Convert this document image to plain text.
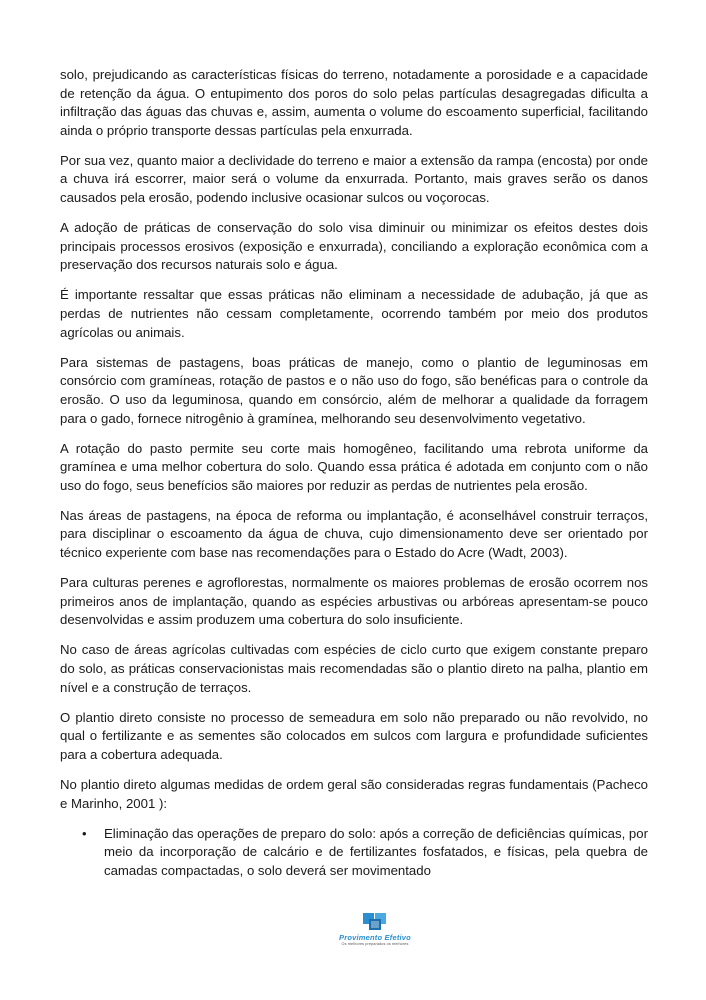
solo, prejudicando as características físicas do terreno, notadamente a porosidade e a capacidade de retenção da água. O entupimento dos poros do solo pelas partículas desagregadas dificulta a infiltração das águas das chuvas e, assim, aumenta o volume do escoamento superficial, facilitando ainda o próprio transporte dessas partículas pela enxurrada.

Por sua vez, quanto maior a declividade do terreno e maior a extensão da rampa (encosta) por onde a chuva irá escorrer, maior será o volume da enxurrada. Portanto, mais graves serão os danos causados pela erosão, podendo inclusive ocasionar sulcos ou voçorocas.

A adoção de práticas de conservação do solo visa diminuir ou minimizar os efeitos destes dois principais processos erosivos (exposição e enxurrada), conciliando a exploração econômica com a preservação dos recursos naturais solo e água.

É importante ressaltar que essas práticas não eliminam a necessidade de adubação, já que as perdas de nutrientes não cessam completamente, ocorrendo também por meio dos produtos agrícolas ou animais.

Para sistemas de pastagens, boas práticas de manejo, como o plantio de leguminosas em consórcio com gramíneas, rotação de pastos e o não uso do fogo, são benéficas para o controle da erosão. O uso da leguminosa, quando em consórcio, além de melhorar a qualidade da forragem para o gado, fornece nitrogênio à gramínea, melhorando seu desenvolvimento vegetativo.

A rotação do pasto permite seu corte mais homogêneo, facilitando uma rebrota uniforme da gramínea e uma melhor cobertura do solo. Quando essa prática é adotada em conjunto com o não uso do fogo, seus benefícios são maiores por reduzir as perdas de nutrientes pela erosão.

Nas áreas de pastagens, na época de reforma ou implantação, é aconselhável construir terraços, para disciplinar o escoamento da água de chuva, cujo dimensionamento deve ser orientado por técnico experiente com base nas recomendações para o Estado do Acre (Wadt, 2003).

Para culturas perenes e agroflorestas, normalmente os maiores problemas de erosão ocorrem nos primeiros anos de implantação, quando as espécies arbustivas ou arbóreas apresentam-se pouco desenvolvidas e assim produzem uma cobertura do solo insuficiente.

No caso de áreas agrícolas cultivadas com espécies de ciclo curto que exigem constante preparo do solo, as práticas conservacionistas mais recomendadas são o plantio direto na palha, plantio em nível e a construção de terraços.

O plantio direto consiste no processo de semeadura em solo não preparado ou não revolvido, no qual o fertilizante e as sementes são colocados em sulcos com largura e profundidade suficientes para a cobertura adequada.

No plantio direto algumas medidas de ordem geral são consideradas regras fundamentais (Pacheco e Marinho, 2001 ):

• Eliminação das operações de preparo do solo: após a correção de deficiências químicas, por meio da incorporação de calcário e de fertilizantes fosfatados, e físicas, pela quebra de camadas compactadas, o solo deverá ser movimentado
Provimento Efetivo
Os melhores preparados os melhores
